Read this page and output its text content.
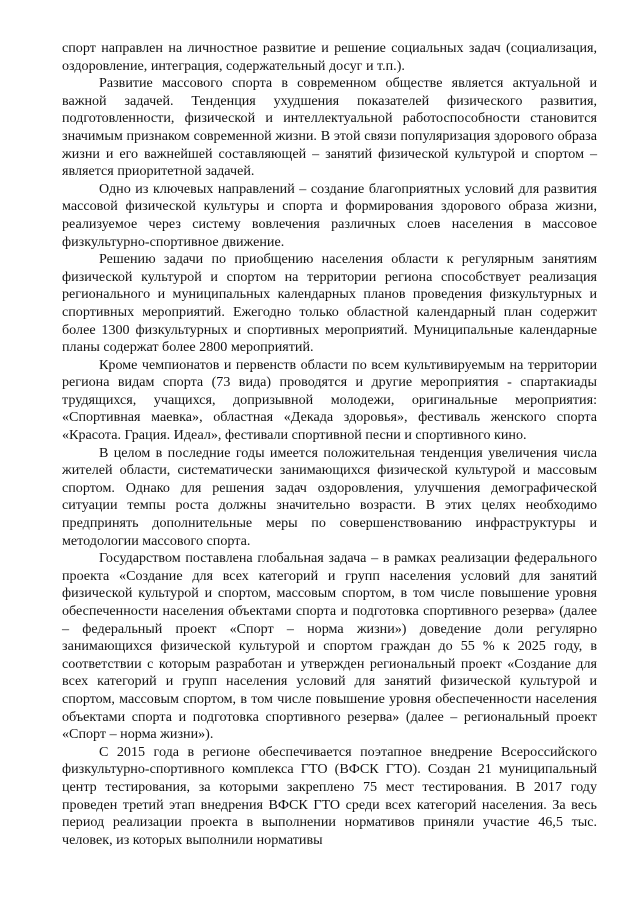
спорт направлен на личностное развитие и решение социальных задач (социализация, оздоровление, интеграция, содержательный досуг и т.п.).

Развитие массового спорта в современном обществе является актуальной и важной задачей. Тенденция ухудшения показателей физического развития, подготовленности, физической и интеллектуальной работоспособности становится значимым признаком современной жизни. В этой связи популяризация здорового образа жизни и его важнейшей составляющей – занятий физической культурой и спортом – является приоритетной задачей.

Одно из ключевых направлений – создание благоприятных условий для развития массовой физической культуры и спорта и формирования здорового образа жизни, реализуемое через систему вовлечения различных слоев населения в массовое физкультурно-спортивное движение.

Решению задачи по приобщению населения области к регулярным занятиям физической культурой и спортом на территории региона способствует реализация регионального и муниципальных календарных планов проведения физкультурных и спортивных мероприятий. Ежегодно только областной календарный план содержит более 1300 физкультурных и спортивных мероприятий. Муниципальные календарные планы содержат более 2800 мероприятий.

Кроме чемпионатов и первенств области по всем культивируемым на территории региона видам спорта (73 вида) проводятся и другие мероприятия - спартакиады трудящихся, учащихся, допризывной молодежи, оригинальные мероприятия: «Спортивная маевка», областная «Декада здоровья», фестиваль женского спорта «Красота. Грация. Идеал», фестивали спортивной песни и спортивного кино.

В целом в последние годы имеется положительная тенденция увеличения числа жителей области, систематически занимающихся физической культурой и массовым спортом. Однако для решения задач оздоровления, улучшения демографической ситуации темпы роста должны значительно возрасти. В этих целях необходимо предпринять дополнительные меры по совершенствованию инфраструктуры и методологии массового спорта.

Государством поставлена глобальная задача – в рамках реализации федерального проекта «Создание для всех категорий и групп населения условий для занятий физической культурой и спортом, массовым спортом, в том числе повышение уровня обеспеченности населения объектами спорта и подготовка спортивного резерва» (далее – федеральный проект «Спорт – норма жизни») доведение доли регулярно занимающихся физической культурой и спортом граждан до 55 % к 2025 году, в соответствии с которым разработан и утвержден региональный проект «Создание для всех категорий и групп населения условий для занятий физической культурой и спортом, массовым спортом, в том числе повышение уровня обеспеченности населения объектами спорта и подготовка спортивного резерва» (далее – региональный проект «Спорт – норма жизни»).

С 2015 года в регионе обеспечивается поэтапное внедрение Всероссийского физкультурно-спортивного комплекса ГТО (ВФСК ГТО). Создан 21 муниципальный центр тестирования, за которыми закреплено 75 мест тестирования. В 2017 году проведен третий этап внедрения ВФСК ГТО среди всех категорий населения. За весь период реализации проекта в выполнении нормативов приняли участие 46,5 тыс. человек, из которых выполнили нормативы
